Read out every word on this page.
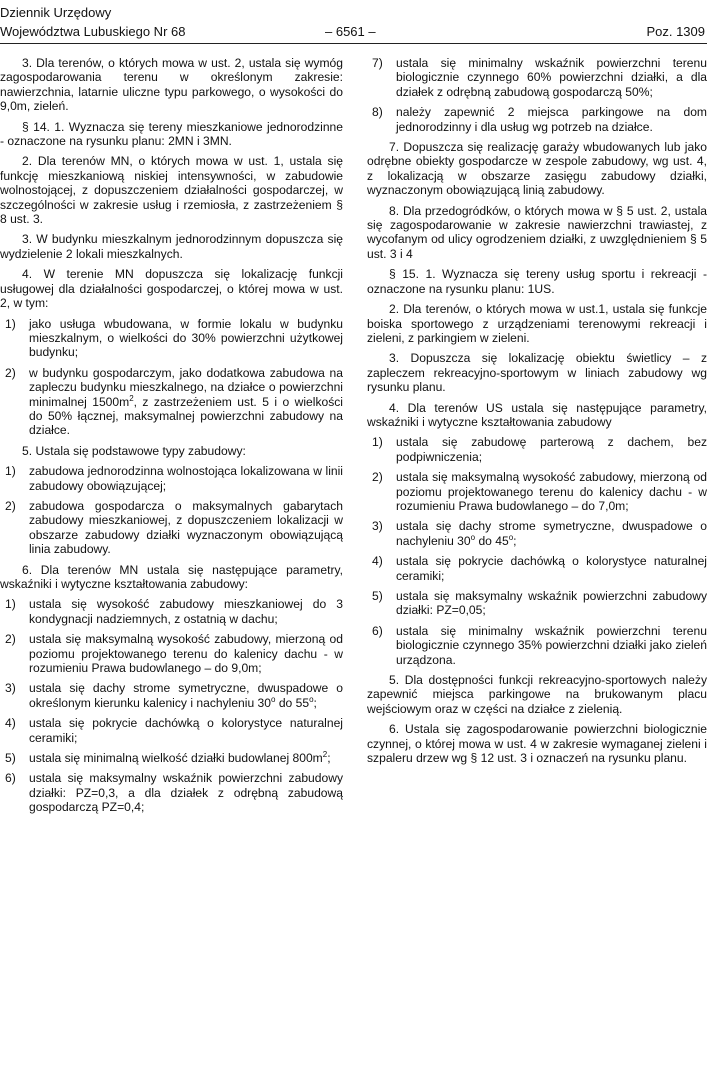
Dziennik Urzędowy
Województwa Lubuskiego Nr 68	– 6561 –	Poz. 1309

3. Dla terenów, o których mowa w ust. 2, ustala się wymóg zagospodarowania terenu w określonym zakresie: nawierzchnia, latarnie uliczne typu parkowego, o wysokości do 9,0m, zieleń.

§ 14. 1. Wyznacza się tereny mieszkaniowe jednorodzinne - oznaczone na rysunku planu: 2MN i 3MN.

2. Dla terenów MN, o których mowa w ust. 1, ustala się funkcję mieszkaniową niskiej intensywności, w zabudowie wolnostojącej, z dopuszczeniem działalności gospodarczej, w szczególności w zakresie usług i rzemiosła, z zastrzeżeniem § 8 ust. 3.

3. W budynku mieszkalnym jednorodzinnym dopuszcza się wydzielenie 2 lokali mieszkalnych.

4. W terenie MN dopuszcza się lokalizację funkcji usługowej dla działalności gospodarczej, o której mowa w ust. 2, w tym:

1) jako usługa wbudowana, w formie lokalu w budynku mieszkalnym, o wielkości do 30% powierzchni użytkowej budynku;
2) w budynku gospodarczym, jako dodatkowa zabudowa na zapleczu budynku mieszkalnego, na działce o powierzchni minimalnej $1500m^2$, z zastrzeżeniem ust. 5 i o wielkości do 50% łącznej, maksymalnej powierzchni zabudowy na działce.

5. Ustala się podstawowe typy zabudowy:

1) zabudowa jednorodzinna wolnostojąca lokalizowana w linii zabudowy obowiązującej;
2) zabudowa gospodarcza o maksymalnych gabarytach zabudowy mieszkaniowej, z dopuszczeniem lokalizacji w obszarze zabudowy działki wyznaczonym obowiązującą linia zabudowy.

6. Dla terenów MN ustala się następujące parametry, wskaźniki i wytyczne kształtowania zabudowy:

1) ustala się wysokość zabudowy mieszkaniowej do 3 kondygnacji nadziemnych, z ostatnią w dachu;
2) ustala się maksymalną wysokość zabudowy, mierzoną od poziomu projektowanego terenu do kalenicy dachu - w rozumieniu Prawa budowlanego – do 9,0m;
3) ustala się dachy strome symetryczne, dwuspadowe o określonym kierunku kalenicy i nachyleniu 30$^o$ do 55$^o$;
4) ustala się pokrycie dachówką o kolorystyce naturalnej ceramiki;
5) ustala się minimalną wielkość działki budowlanej $800m^2$;
6) ustala się maksymalny wskaźnik powierzchni zabudowy działki: PZ=0,3, a dla działek z odrębną zabudową gospodarczą PZ=0,4;
7) ustala się minimalny wskaźnik powierzchni terenu biologicznie czynnego 60% powierzchni działki, a dla działek z odrębną zabudową gospodarczą 50%;
8) należy zapewnić 2 miejsca parkingowe na dom jednorodzinny i dla usług wg potrzeb na działce.

7. Dopuszcza się realizację garaży wbudowanych lub jako odrębne obiekty gospodarcze w zespole zabudowy, wg ust. 4, z lokalizacją w obszarze zasięgu zabudowy działki, wyznaczonym obowiązującą linią zabudowy.

8. Dla przedogródków, o których mowa w § 5 ust. 2, ustala się zagospodarowanie w zakresie nawierzchni trawiastej, z wycofanym od ulicy ogrodzeniem działki, z uwzględnieniem § 5 ust. 3 i 4

§ 15. 1. Wyznacza się tereny usług sportu i rekreacji - oznaczone na rysunku planu: 1US.

2. Dla terenów, o których mowa w ust.1, ustala się funkcje boiska sportowego z urządzeniami terenowymi rekreacji i zieleni, z parkingiem w zieleni.

3. Dopuszcza się lokalizację obiektu świetlicy – z zapleczem rekreacyjno-sportowym w liniach zabudowy wg rysunku planu.

4. Dla terenów US ustala się następujące parametry, wskaźniki i wytyczne kształtowania zabudowy

1) ustala się zabudowę parterową z dachem, bez podpiwniczenia;
2) ustala się maksymalną wysokość zabudowy, mierzoną od poziomu projektowanego terenu do kalenicy dachu - w rozumieniu Prawa budowlanego – do 7,0m;
3) ustala się dachy strome symetryczne, dwuspadowe o nachyleniu 30$^o$ do 45$^o$;
4) ustala się pokrycie dachówką o kolorystyce naturalnej ceramiki;
5) ustala się maksymalny wskaźnik powierzchni zabudowy działki: PZ=0,05;
6) ustala się minimalny wskaźnik powierzchni terenu biologicznie czynnego 35% powierzchni działki jako zieleń urządzona.

5. Dla dostępności funkcji rekreacyjno-sportowych należy zapewnić miejsca parkingowe na brukowanym placu wejściowym oraz w części na działce z zielenią.

6. Ustala się zagospodarowanie powierzchni biologicznie czynnej, o której mowa w ust. 4 w zakresie wymaganej zieleni i szpaleru drzew wg § 12 ust. 3 i oznaczeń na rysunku planu.
